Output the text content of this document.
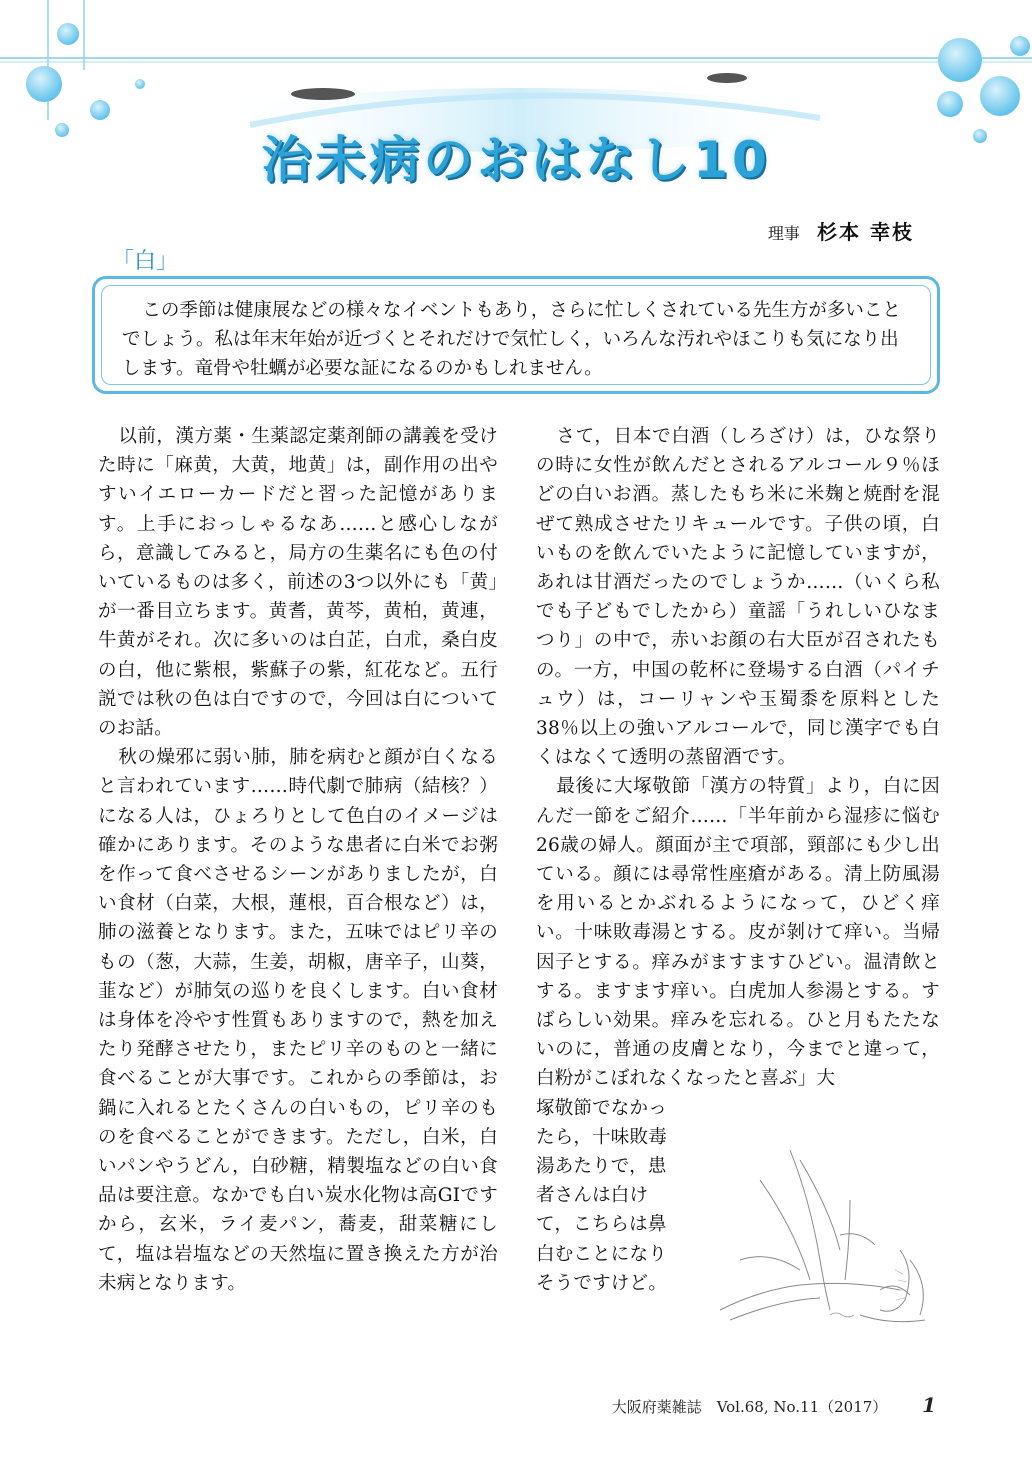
治未病のおはなし10
理事 杉本 幸枝
「白」
この季節は健康展などの様々なイベントもあり，さらに忙しくされている先生方が多いことでしょう。私は年末年始が近づくとそれだけで気忙しく，いろんな汚れやほこりも気になり出します。竜骨や牡蠣が必要な証になるのかもしれません。

以前，漢方薬・生薬認定薬剤師の講義を受けた時に「麻黄，大黄，地黄」は，副作用の出やすいイエローカードだと習った記憶があります。上手におっしゃるなあ……と感心しながら，意識してみると，局方の生薬名にも色の付いているものは多く，前述の3つ以外にも「黄」が一番目立ちます。黄耆，黄芩，黄柏，黄連，牛黄がそれ。次に多いのは白芷，白朮，桑白皮の白，他に紫根，紫蘇子の紫，紅花など。五行説では秋の色は白ですので，今回は白についてのお話。

秋の燥邪に弱い肺，肺を病むと顔が白くなると言われています……時代劇で肺病（結核？）になる人は，ひょろりとして色白のイメージは確かにあります。そのような患者に白米でお粥を作って食べさせるシーンがありましたが，白い食材（白菜，大根，蓮根，百合根など）は，肺の滋養となります。また，五味ではピリ辛のもの（葱，大蒜，生姜，胡椒，唐辛子，山葵，韮など）が肺気の巡りを良くします。白い食材は身体を冷やす性質もありますので，熱を加えたり発酵させたり，またピリ辛のものと一緒に食べることが大事です。これからの季節は，お鍋に入れるとたくさんの白いもの，ピリ辛のものを食べることができます。ただし，白米，白いパンやうどん，白砂糖，精製塩などの白い食品は要注意。なかでも白い炭水化物は高GIですから，玄米，ライ麦パン，蕎麦，甜菜糖にして，塩は岩塩などの天然塩に置き換えた方が治未病となります。

さて，日本で白酒（しろざけ）は，ひな祭りの時に女性が飲んだとされるアルコール９％ほどの白いお酒。蒸したもち米に米麹と焼酎を混ぜて熟成させたリキュールです。子供の頃，白いものを飲んでいたように記憶していますが，あれは甘酒だったのでしょうか……（いくら私でも子どもでしたから）童謡「うれしいひなまつり」の中で，赤いお顔の右大臣が召されたもの。一方，中国の乾杯に登場する白酒（パイチュウ）は，コーリャンや玉蜀黍を原料とした38％以上の強いアルコールで，同じ漢字でも白くはなくて透明の蒸留酒です。

最後に大塚敬節「漢方の特質」より，白に因んだ一節をご紹介……「半年前から湿疹に悩む26歳の婦人。顔面が主で項部，頸部にも少し出ている。顔には尋常性座瘡がある。清上防風湯を用いるとかぶれるようになって，ひどく痒い。十味敗毒湯とする。皮が剝けて痒い。当帰因子とする。痒みがますますひどい。温清飲とする。ますます痒い。白虎加人参湯とする。すばらしい効果。痒みを忘れる。ひと月もたたないのに，普通の皮膚となり，今までと違って，白粉がこぼれなくなったと喜ぶ」大

塚敬節でなかっ
たら，十味敗毒
湯あたりで，患
者さんは白け
て，こちらは鼻
白むことになり
そうですけど。
大阪府薬雑誌　Vol.68, No.11（2017） 1
